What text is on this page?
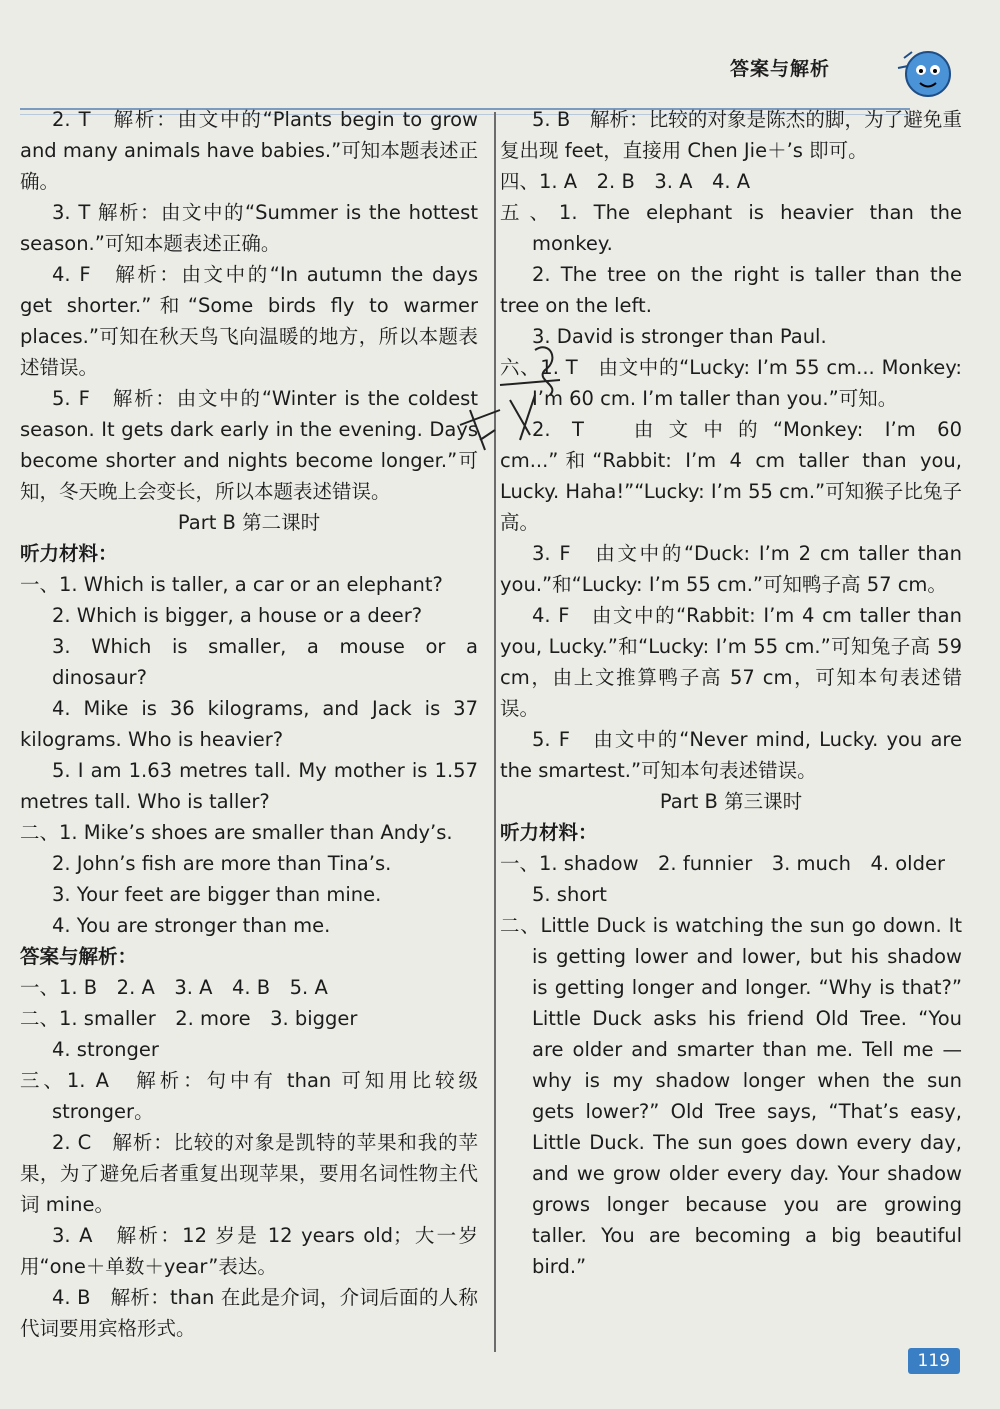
答案与解析

2. T　解析：由文中的“Plants begin to grow and many animals have babies.”可知本题表述正确。

3. T 解析：由文中的“Summer is the hottest season.”可知本题表述正确。

4. F　解析：由文中的“In autumn the days get shorter.”和“Some birds fly to warmer places.”可知在秋天鸟飞向温暖的地方，所以本题表述错误。

5. F　解析：由文中的“Winter is the coldest season. It gets dark early in the evening. Days become shorter and nights become longer.”可知，冬天晚上会变长，所以本题表述错误。

Part B 第二课时

听力材料：

一、1. Which is taller, a car or an elephant?

2. Which is bigger, a house or a deer?

3. Which is smaller, a mouse or a dinosaur?

4. Mike is 36 kilograms, and Jack is 37 kilograms. Who is heavier?

5. I am 1.63 metres tall. My mother is 1.57 metres tall. Who is taller?

二、1. Mike’s shoes are smaller than Andy’s.

2. John’s fish are more than Tina’s.

3. Your feet are bigger than mine.

4. You are stronger than me.

答案与解析：

一、1. B　2. A　3. A　4. B　5. A

二、1. smaller　2. more　3. bigger

4. stronger

三、1. A　解析：句中有 than 可知用比较级 stronger。

2. C　解析：比较的对象是凯特的苹果和我的苹果，为了避免后者重复出现苹果，要用名词性物主代词 mine。

3. A　解析：12 岁是 12 years old；大一岁用“one＋单数＋year”表达。

4. B　解析：than 在此是介词，介词后面的人称代词要用宾格形式。

5. B　解析：比较的对象是陈杰的脚，为了避免重复出现 feet，直接用 Chen Jie＋’s 即可。

四、1. A　2. B　3. A　4. A

五、1. The elephant is heavier than the monkey.

2. The tree on the right is taller than the tree on the left.

3. David is stronger than Paul.

六、1. T　由文中的“Lucky: I’m 55 cm... Monkey: I’m 60 cm. I’m taller than you.”可知。

2. T　由文中的“Monkey: I’m 60 cm...”和“Rabbit: I’m 4 cm taller than you, Lucky. Haha!”“Lucky: I’m 55 cm.”可知猴子比兔子高。

3. F　由文中的“Duck: I’m 2 cm taller than you.”和“Lucky: I’m 55 cm.”可知鸭子高 57 cm。

4. F　由文中的“Rabbit: I’m 4 cm taller than you, Lucky.”和“Lucky: I’m 55 cm.”可知兔子高 59 cm，由上文推算鸭子高 57 cm，可知本句表述错误。

5. F　由文中的“Never mind, Lucky. you are the smartest.”可知本句表述错误。

Part B 第三课时

听力材料：

一、1. shadow　2. funnier　3. much　4. older

5. short

二、Little Duck is watching the sun go down. It is getting lower and lower, but his shadow is getting longer and longer. “Why is that?” Little Duck asks his friend Old Tree. “You are older and smarter than me. Tell me — why is my shadow longer when the sun gets lower?” Old Tree says, “That’s easy, Little Duck. The sun goes down every day, and we grow older every day. Your shadow grows longer because you are growing taller. You are becoming a big beautiful bird.”

119
